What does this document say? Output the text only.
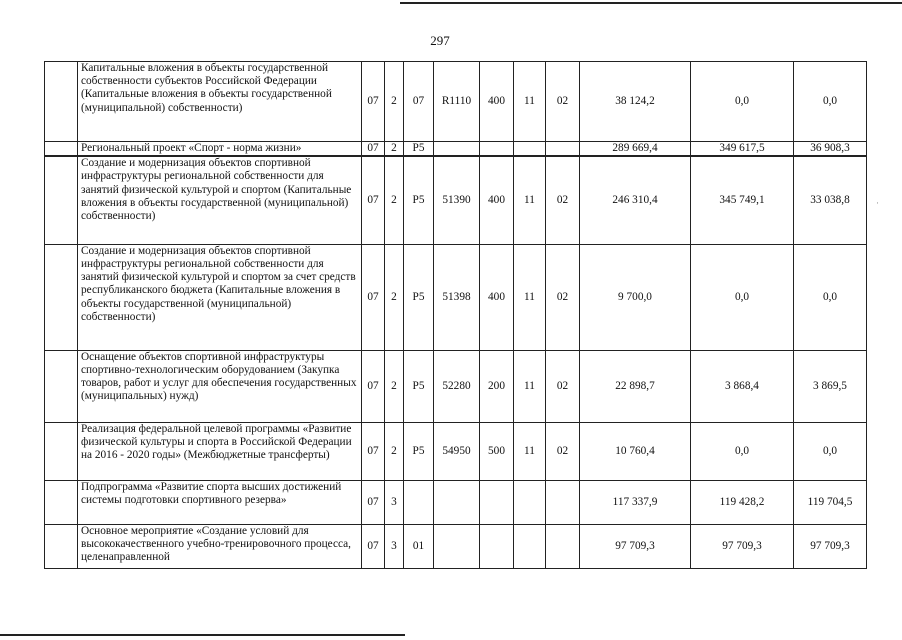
297
·
	Капитальные вложения в объекты государственной собственности субъектов Российской Федерации (Капитальные вложения в объекты государственной (муниципальной) собственности)	07	2	07	R1110	400	11	02	38 124,2	0,0	0,0
	Региональный проект «Спорт - норма жизни»	07	2	P5					289 669,4	349 617,5	36 908,3
	Создание и модернизация объектов спортивной инфраструктуры региональной собственности для занятий физической культурой и спортом (Капитальные вложения в объекты государственной (муниципальной) собственности)	07	2	P5	51390	400	11	02	246 310,4	345 749,1	33 038,8
	Создание и модернизация объектов спортивной инфраструктуры региональной собственности для занятий физической культурой и спортом за счет средств республиканского бюджета (Капитальные вложения в объекты государственной (муниципальной) собственности)	07	2	P5	51398	400	11	02	9 700,0	0,0	0,0
	Оснащение объектов спортивной инфраструктуры спортивно-технологическим оборудованием (Закупка товаров, работ и услуг для обеспечения государственных (муниципальных) нужд)	07	2	P5	52280	200	11	02	22 898,7	3 868,4	3 869,5
	Реализация федеральной целевой программы «Развитие физической культуры и спорта в Российской Федерации на 2016 - 2020 годы» (Межбюджетные трансферты)	07	2	P5	54950	500	11	02	10 760,4	0,0	0,0
	Подпрограмма «Развитие спорта высших достижений системы подготовки спортивного резерва»	07	3						117 337,9	119 428,2	119 704,5
	Основное мероприятие «Создание условий для высококачественного учебно-тренировочного процесса, целенаправленной	07	3	01					97 709,3	97 709,3	97 709,3
